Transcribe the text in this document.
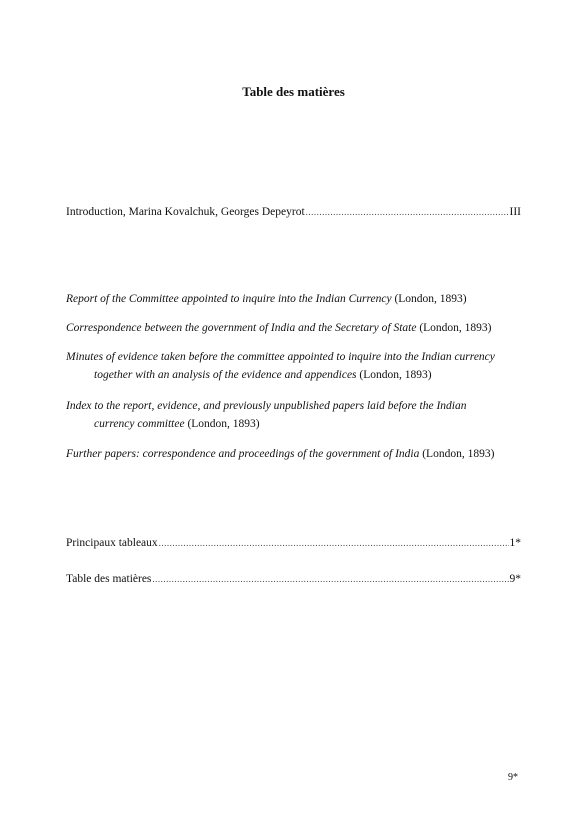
Table des matières
Introduction, Marina Kovalchuk, Georges Depeyrot .....	III
Report of the Committee appointed to inquire into the Indian Currency (London, 1893)
Correspondence between the government of India and the Secretary of State (London, 1893)
Minutes of evidence taken before the committee appointed to inquire into the Indian currency
together with an analysis of the evidence and appendices (London, 1893)
Index to the report, evidence, and previously unpublished papers laid before the Indian
currency committee (London, 1893)
Further papers: correspondence and proceedings of the government of India (London, 1893)
Principaux tableaux .....	1*
Table des matières .....	9*
9*
